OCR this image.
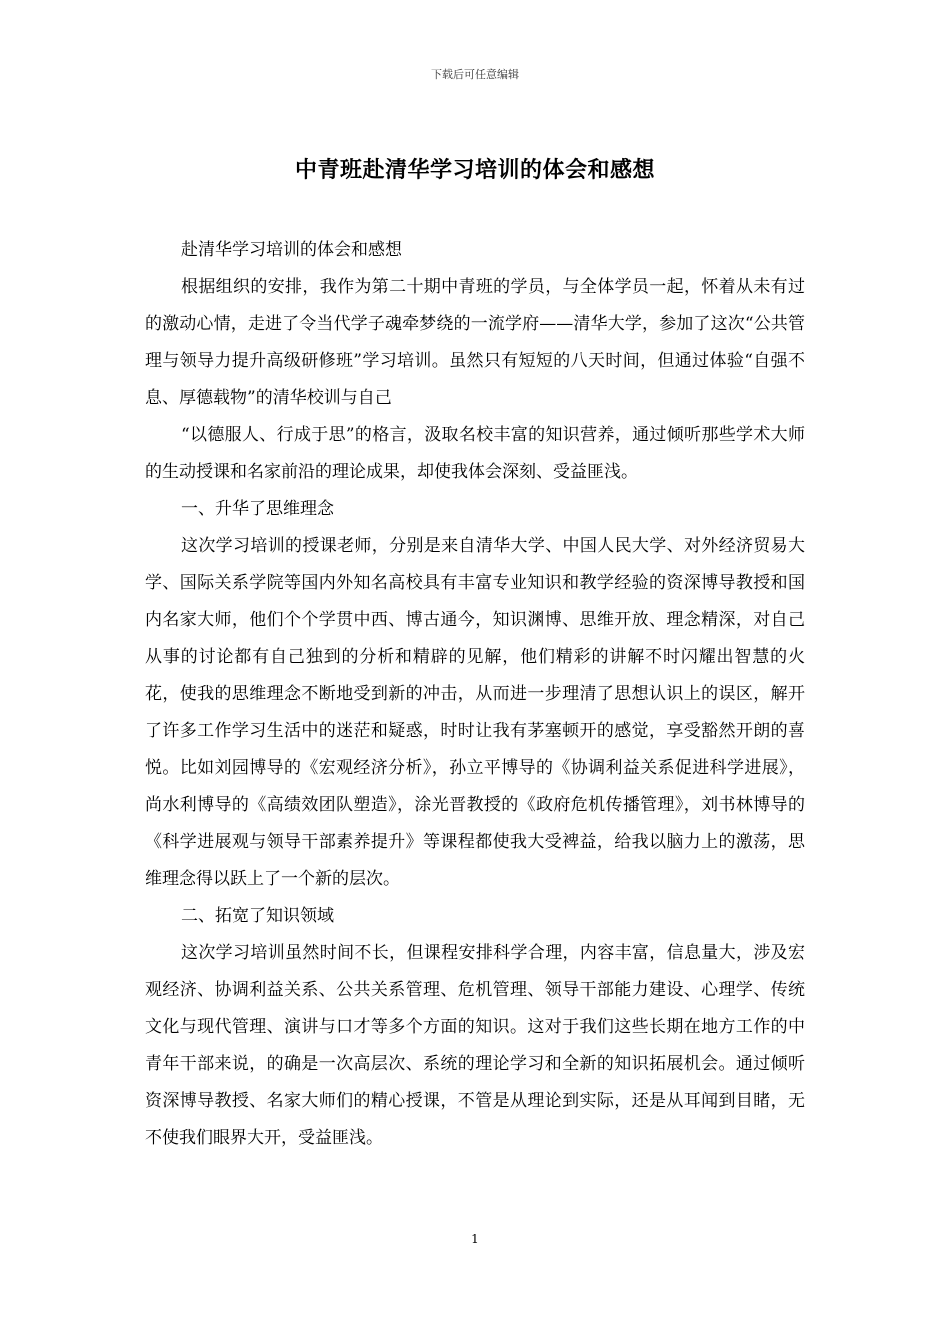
下载后可任意编辑
中青班赴清华学习培训的体会和感想

赴清华学习培训的体会和感想

根据组织的安排，我作为第二十期中青班的学员，与全体学员一起，怀着从未有过的激动心情，走进了令当代学子魂牵梦绕的一流学府——清华大学，参加了这次“公共管理与领导力提升高级研修班”学习培训。虽然只有短短的八天时间，但通过体验“自强不息、厚德载物”的清华校训与自己

“以德服人、行成于思”的格言，汲取名校丰富的知识营养，通过倾听那些学术大师的生动授课和名家前沿的理论成果，却使我体会深刻、受益匪浅。

一、升华了思维理念

这次学习培训的授课老师，分别是来自清华大学、中国人民大学、对外经济贸易大学、国际关系学院等国内外知名高校具有丰富专业知识和教学经验的资深博导教授和国内名家大师，他们个个学贯中西、博古通今，知识渊博、思维开放、理念精深，对自己从事的讨论都有自己独到的分析和精辟的见解，他们精彩的讲解不时闪耀出智慧的火花，使我的思维理念不断地受到新的冲击，从而进一步理清了思想认识上的误区，解开了许多工作学习生活中的迷茫和疑惑，时时让我有茅塞顿开的感觉，享受豁然开朗的喜悦。比如刘园博导的《宏观经济分析》，孙立平博导的《协调利益关系促进科学进展》，尚水利博导的《高绩效团队塑造》，涂光晋教授的《政府危机传播管理》，刘书林博导的《科学进展观与领导干部素养提升》等课程都使我大受裨益，给我以脑力上的激荡，思维理念得以跃上了一个新的层次。

二、拓宽了知识领域

这次学习培训虽然时间不长，但课程安排科学合理，内容丰富，信息量大，涉及宏观经济、协调利益关系、公共关系管理、危机管理、领导干部能力建设、心理学、传统文化与现代管理、演讲与口才等多个方面的知识。这对于我们这些长期在地方工作的中青年干部来说，的确是一次高层次、系统的理论学习和全新的知识拓展机会。通过倾听资深博导教授、名家大师们的精心授课，不管是从理论到实际，还是从耳闻到目睹，无不使我们眼界大开，受益匪浅。

1
